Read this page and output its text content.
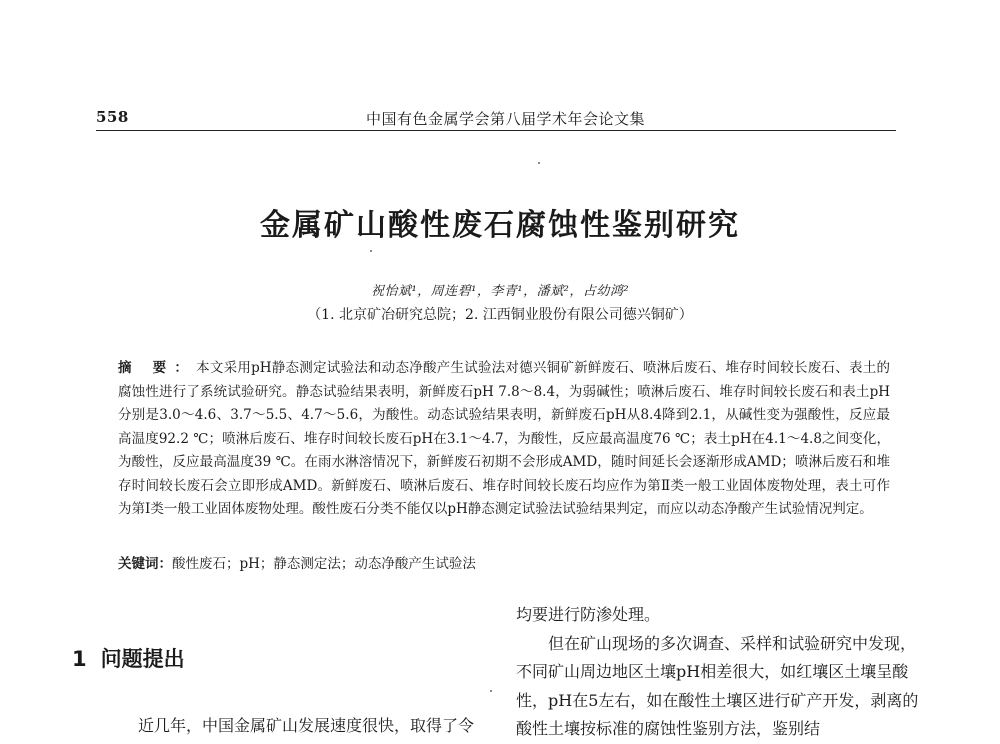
558	中国有色金属学会第八届学术年会论文集
金属矿山酸性废石腐蚀性鉴别研究
祝怡斌¹，周连碧¹，李青¹，潘斌²，占幼鸿²
（1. 北京矿冶研究总院；2. 江西铜业股份有限公司德兴铜矿）
摘 要：本文采用pH静态测定试验法和动态净酸产生试验法对德兴铜矿新鲜废石、喷淋后废石、堆存时间较长废石、表土的腐蚀性进行了系统试验研究。静态试验结果表明，新鲜废石pH 7.8～8.4，为弱碱性；喷淋后废石、堆存时间较长废石和表土pH分别是3.0～4.6、3.7～5.5、4.7～5.6，为酸性。动态试验结果表明，新鲜废石pH从8.4降到2.1，从碱性变为强酸性，反应最高温度92.2 ℃；喷淋后废石、堆存时间较长废石pH在3.1～4.7，为酸性，反应最高温度76 ℃；表土pH在4.1～4.8之间变化，为酸性，反应最高温度39 ℃。在雨水淋溶情况下，新鲜废石初期不会形成AMD，随时间延长会逐渐形成AMD；喷淋后废石和堆存时间较长废石会立即形成AMD。新鲜废石、喷淋后废石、堆存时间较长废石均应作为第Ⅱ类一般工业固体废物处理，表土可作为第Ⅰ类一般工业固体废物处理。酸性废石分类不能仅以pH静态测定试验法试验结果判定，而应以动态净酸产生试验情况判定。
关键词：酸性废石；pH；静态测定法；动态净酸产生试验法
1 问题提出

近几年，中国金属矿山发展速度很快，取得了令

均要进行防渗处理。

但在矿山现场的多次调查、采样和试验研究中发现，不同矿山周边地区土壤pH相差很大，如红壤区土壤呈酸性，pH在5左右，如在酸性土壤区进行矿产开发，剥离的酸性土壤按标准的腐蚀性鉴别方法，鉴别结
